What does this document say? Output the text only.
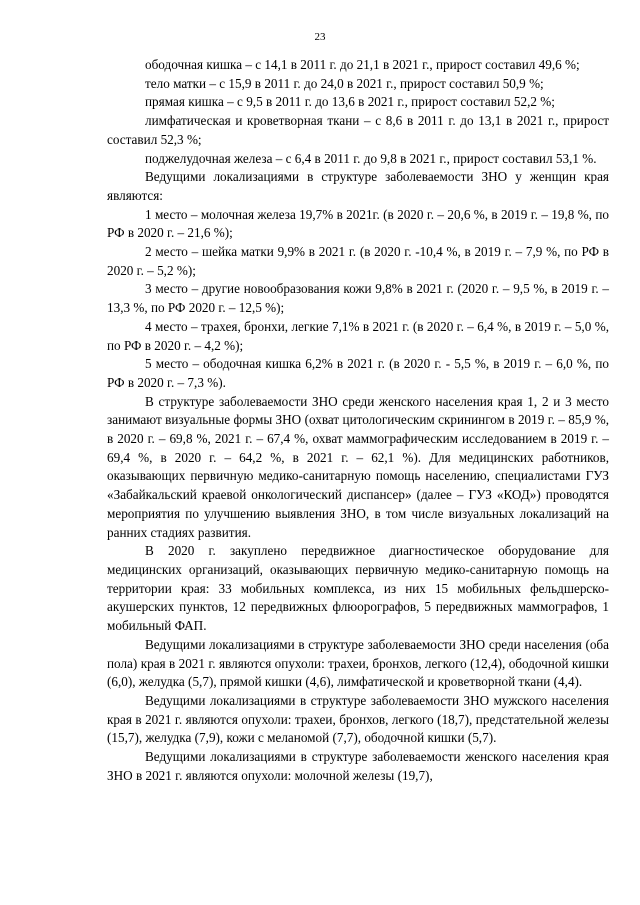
23

ободочная кишка – с 14,1 в 2011 г. до 21,1 в 2021 г., прирост составил 49,6 %;

тело матки – с 15,9 в 2011 г. до 24,0 в 2021 г., прирост составил 50,9 %;

прямая кишка – с 9,5 в 2011 г. до 13,6 в 2021 г., прирост составил 52,2 %;

лимфатическая и кроветворная ткани – с 8,6 в 2011 г. до 13,1 в 2021 г., прирост составил 52,3 %;

поджелудочная железа – с 6,4 в 2011 г. до 9,8 в 2021 г., прирост составил 53,1 %.

Ведущими локализациями в структуре заболеваемости ЗНО у женщин края являются:

1 место – молочная железа 19,7% в 2021г. (в 2020 г. – 20,6 %, в 2019 г. – 19,8 %, по РФ в 2020 г. – 21,6 %);

2 место – шейка матки 9,9% в 2021 г. (в 2020 г. -10,4 %, в 2019 г. – 7,9 %, по РФ в 2020 г. – 5,2 %);

3 место – другие новообразования кожи 9,8% в 2021 г. (2020 г. – 9,5 %, в 2019 г. – 13,3 %, по РФ 2020 г. – 12,5 %);

4 место – трахея, бронхи, легкие 7,1% в 2021 г. (в 2020 г. – 6,4 %, в 2019 г. – 5,0 %, по РФ в 2020 г. – 4,2 %);

5 место – ободочная кишка 6,2% в 2021 г. (в 2020 г. - 5,5 %, в 2019 г. – 6,0 %, по РФ в 2020 г. – 7,3 %).

В структуре заболеваемости ЗНО среди женского населения края 1, 2 и 3 место занимают визуальные формы ЗНО (охват цитологическим скринингом в 2019 г. – 85,9 %, в 2020 г. – 69,8 %, 2021 г. – 67,4 %, охват маммографическим исследованием в 2019 г. – 69,4 %, в 2020 г. – 64,2 %, в 2021 г. – 62,1 %). Для медицинских работников, оказывающих первичную медико-санитарную помощь населению, специалистами ГУЗ «Забайкальский краевой онкологический диспансер» (далее – ГУЗ «КОД») проводятся мероприятия по улучшению выявления ЗНО, в том числе визуальных локализаций на ранних стадиях развития.

В 2020 г. закуплено передвижное диагностическое оборудование для медицинских организаций, оказывающих первичную медико-санитарную помощь на территории края: 33 мобильных комплекса, из них 15 мобильных фельдшерско-акушерских пунктов, 12 передвижных флюорографов, 5 передвижных маммографов, 1 мобильный ФАП.

Ведущими локализациями в структуре заболеваемости ЗНО среди населения (оба пола) края в 2021 г. являются опухоли: трахеи, бронхов, легкого (12,4), ободочной кишки (6,0), желудка (5,7), прямой кишки (4,6), лимфатической и кроветворной ткани (4,4).

Ведущими локализациями в структуре заболеваемости ЗНО мужского населения края в 2021 г. являются опухоли: трахеи, бронхов, легкого (18,7), предстательной железы (15,7), желудка (7,9), кожи с меланомой (7,7), ободочной кишки (5,7).

Ведущими локализациями в структуре заболеваемости женского населения края ЗНО в 2021 г. являются опухоли: молочной железы (19,7),
